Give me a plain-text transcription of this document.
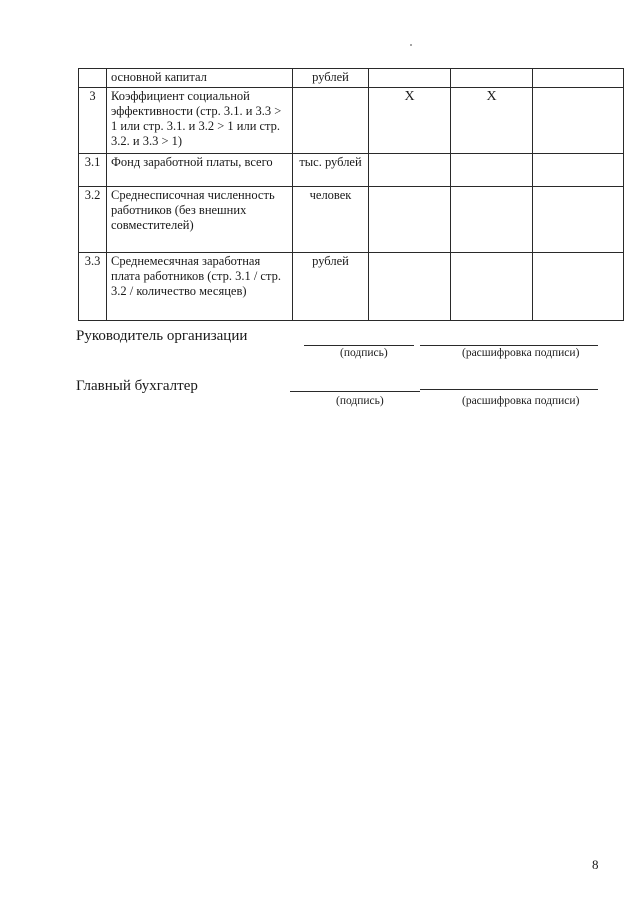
	основной капитал	рублей			
3	Коэффициент социальной эффективности (стр. 3.1. и 3.3 > 1 или стр. 3.1. и 3.2 > 1 или стр. 3.2. и 3.3 > 1)		X	X	
3.1	Фонд заработной платы, всего	тыс. рублей			
3.2	Среднесписочная численность работников (без внешних совместителей)	человек			
3.3	Среднемесячная заработная плата работников (стр. 3.1 / стр. 3.2 / количество месяцев)	рублей			
Руководитель организации
(подпись)	(расшифровка подписи)
Главный бухгалтер
(подпись)	(расшифровка подписи)
8
